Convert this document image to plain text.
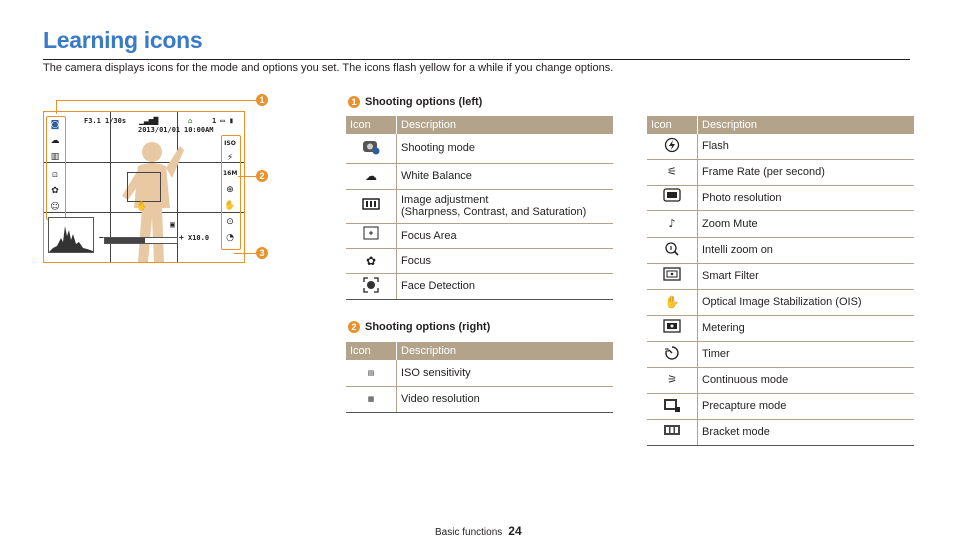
Learning icons

The camera displays icons for the mode and options you set. The icons flash yellow for a while if you change options.

F3.1 1/30s ▁▃▅▇	⌂	1 ▭ ▮
2013/01/01 10:00AM
◙
☁
▥
⊡
✿
☺
ISO
⚡
16M
⊕
✋
⊙
◔
✋
▣
−	+ X10.0
1
2
3
1 Shooting options (left)
Icon	Description

	Shooting mode
☁	White Balance

Image adjustment
(Sharpness, Contrast, and Saturation)

	Focus Area
✿	Focus

	Face Detection
2 Shooting options (right)
Icon	Description
▤	ISO sensitivity
▦	Video resolution
Icon	Description

	Flash
⚟	Frame Rate (per second)

	Photo resolution
♪	Zoom Mute

	Intelli zoom on

	Smart Filter
✋	Optical Image Stabilization (OIS)

	Metering

	Timer
⚞	Continuous mode

	Precapture mode

	Bracket mode
Basic functions 24
